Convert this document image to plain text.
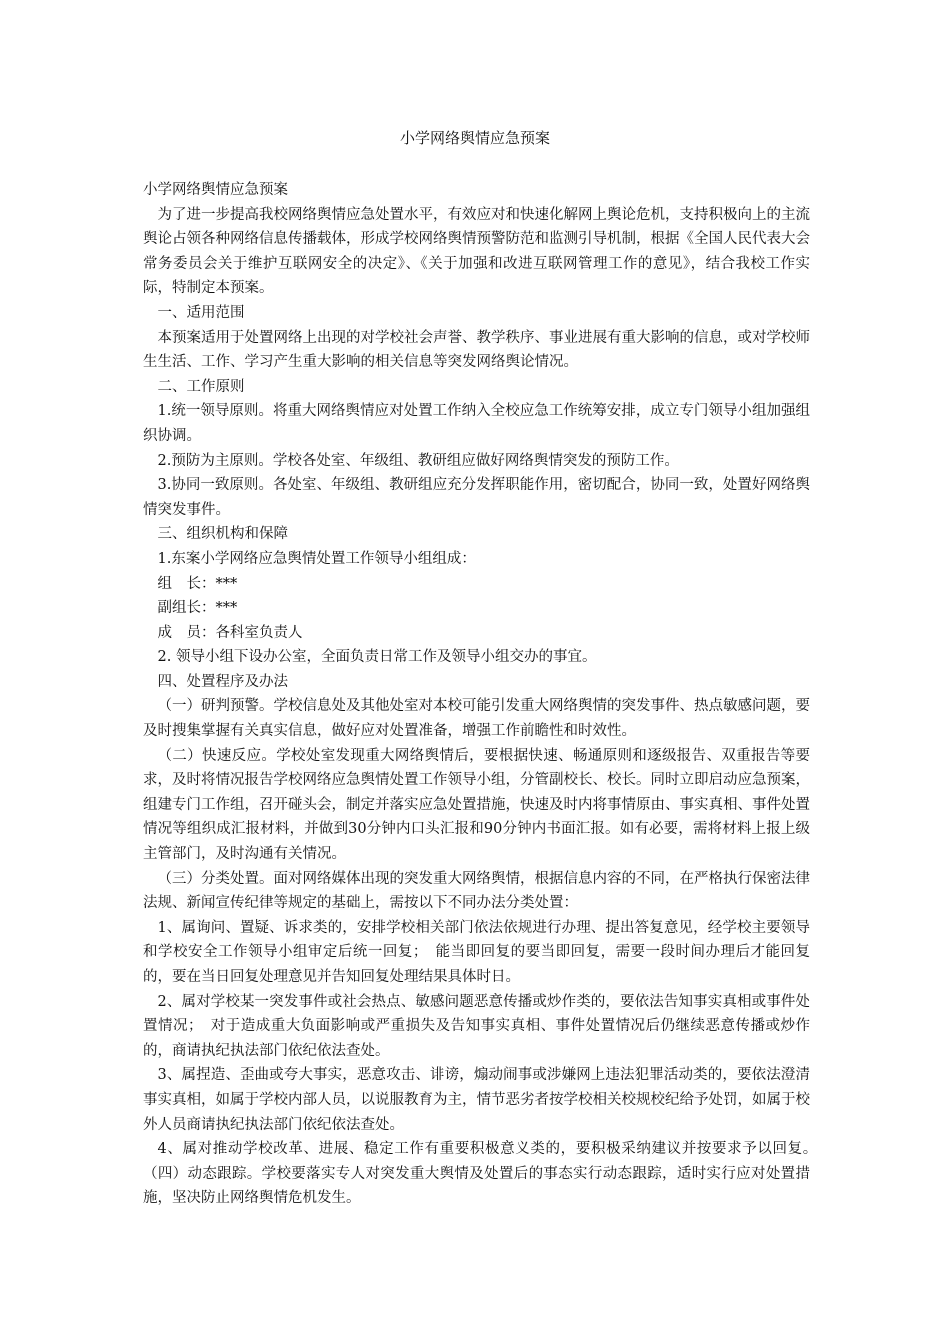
小学网络舆情应急预案

小学网络舆情应急预案

为了进一步提高我校网络舆情应急处置水平，有效应对和快速化解网上舆论危机，支持积极向上的主流舆论占领各种网络信息传播载体，形成学校网络舆情预警防范和监测引导机制，根据《全国人民代表大会常务委员会关于维护互联网安全的决定》、《关于加强和改进互联网管理工作的意见》，结合我校工作实际，特制定本预案。

一、适用范围

本预案适用于处置网络上出现的对学校社会声誉、教学秩序、事业进展有重大影响的信息，或对学校师生生活、工作、学习产生重大影响的相关信息等突发网络舆论情况。

二、工作原则

1.统一领导原则。将重大网络舆情应对处置工作纳入全校应急工作统筹安排，成立专门领导小组加强组织协调。

2.预防为主原则。学校各处室、年级组、教研组应做好网络舆情突发的预防工作。

3.协同一致原则。各处室、年级组、教研组应充分发挥职能作用，密切配合，协同一致，处置好网络舆情突发事件。

三、组织机构和保障

1.东案小学网络应急舆情处置工作领导小组组成：

组　长：***

副组长：***

成　员：各科室负责人

2. 领导小组下设办公室，全面负责日常工作及领导小组交办的事宜。

四、处置程序及办法

（一）研判预警。学校信息处及其他处室对本校可能引发重大网络舆情的突发事件、热点敏感问题，要及时搜集掌握有关真实信息，做好应对处置准备，增强工作前瞻性和时效性。

（二）快速反应。学校处室发现重大网络舆情后，要根据快速、畅通原则和逐级报告、双重报告等要求，及时将情况报告学校网络应急舆情处置工作领导小组，分管副校长、校长。同时立即启动应急预案，组建专门工作组，召开碰头会，制定并落实应急处置措施，快速及时内将事情原由、事实真相、事件处置情况等组织成汇报材料，并做到30分钟内口头汇报和90分钟内书面汇报。如有必要，需将材料上报上级主管部门，及时沟通有关情况。

（三）分类处置。面对网络媒体出现的突发重大网络舆情，根据信息内容的不同，在严格执行保密法律法规、新闻宣传纪律等规定的基础上，需按以下不同办法分类处置：

1、属询问、置疑、诉求类的，安排学校相关部门依法依规进行办理、提出答复意见，经学校主要领导和学校安全工作领导小组审定后统一回复；　能当即回复的要当即回复，需要一段时间办理后才能回复的，要在当日回复处理意见并告知回复处理结果具体时日。

2、属对学校某一突发事件或社会热点、敏感问题恶意传播或炒作类的，要依法告知事实真相或事件处置情况；　对于造成重大负面影响或严重损失及告知事实真相、事件处置情况后仍继续恶意传播或炒作的，商请执纪执法部门依纪依法查处。

3、属捏造、歪曲或夸大事实，恶意攻击、诽谤，煽动闹事或涉嫌网上违法犯罪活动类的，要依法澄清事实真相，如属于学校内部人员，以说服教育为主，情节恶劣者按学校相关校规校纪给予处罚，如属于校外人员商请执纪执法部门依纪依法查处。

4、属对推动学校改革、进展、稳定工作有重要积极意义类的，要积极采纳建议并按要求予以回复。　（四）动态跟踪。学校要落实专人对突发重大舆情及处置后的事态实行动态跟踪，适时实行应对处置措施，坚决防止网络舆情危机发生。
